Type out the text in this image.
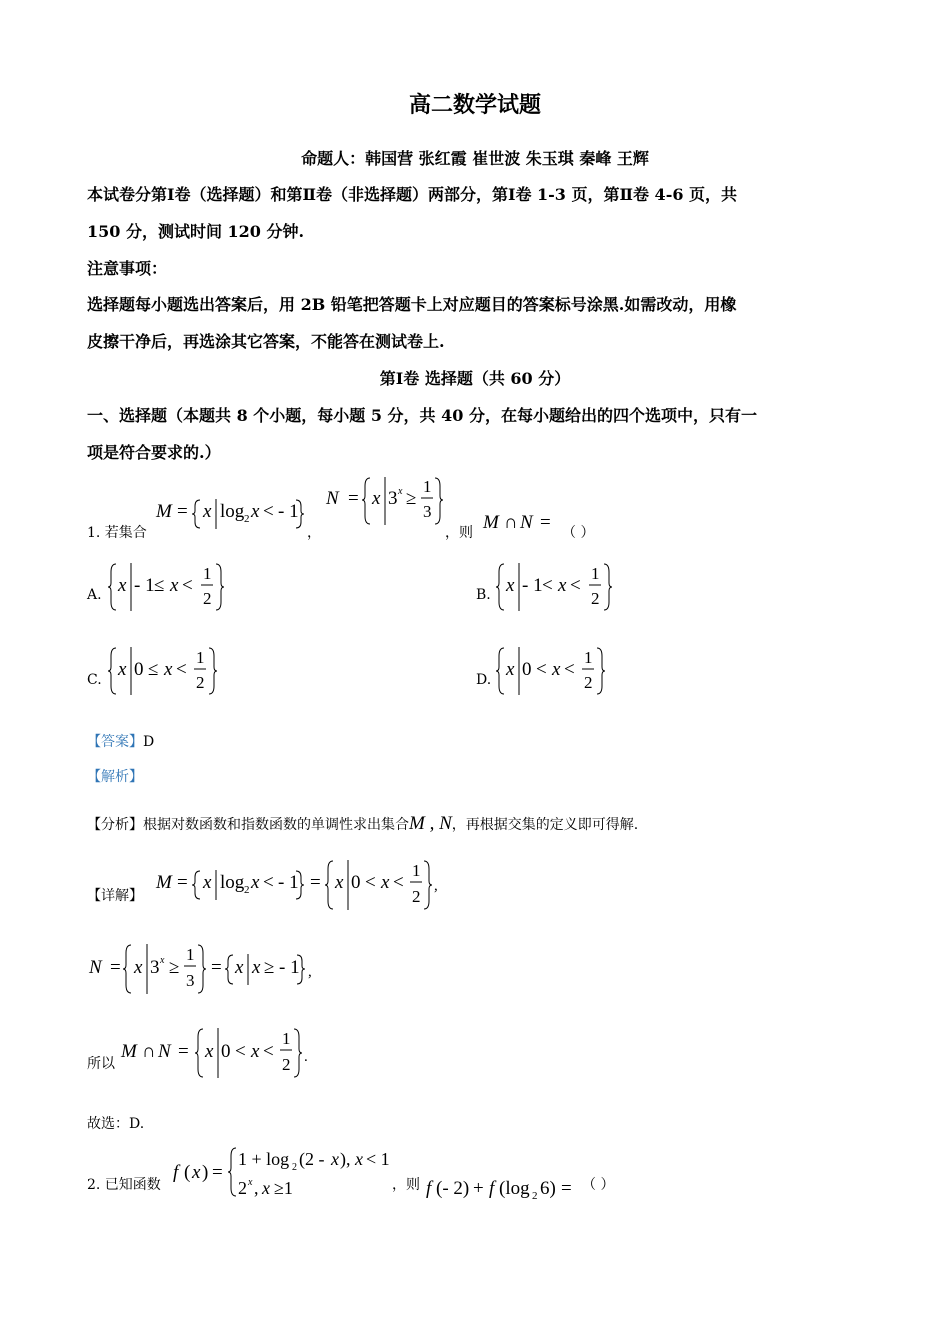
高二数学试题
命题人：韩国营 张红霞 崔世波 朱玉琪 秦峰 王辉
本试卷分第Ⅰ卷（选择题）和第Ⅱ卷（非选择题）两部分，第Ⅰ卷 1-3 页，第Ⅱ卷 4-6 页，共
150 分，测试时间 120 分钟.
注意事项：
选择题每小题选出答案后，用 2B 铅笔把答题卡上对应题目的答案标号涂黑.如需改动，用橡
皮擦干净后，再选涂其它答案，不能答在测试卷上.
第Ⅰ卷 选择题（共 60 分）
一、选择题（本题共 8 个小题，每小题 5 分，共 40 分，在每小题给出的四个选项中，只有一
项是符合要求的.）
1. 若集合
M = x log 2 x < - 1
，
N = x 3 x ≥
1
3
，则 M ∩ N = （ ）
A. x - 1 ≤ x <
1
2	B. x - 1 < x <
1
2
C. x 0 ≤ x <
1
2	D. x 0 < x <
1
2
【答案】D
【解析】
【分析】根据对数函数和指数函数的单调性求出集合M , N，再根据交集的定义即可得解.
【详解】
M = x log 2 x < - 1 = x 0 < x <
1
2
,
N = x 3 x ≥
1
3
= x x ≥ - 1 ,
所以
M ∩ N = x 0 < x <
1
2 .
故选：D.
2. 已知函数
f ( x ) =
1 + log 2 (2 - x ), x < 1
2 x , x ≥1	，则 f (- 2) + f (log 2 6) = （ ）
